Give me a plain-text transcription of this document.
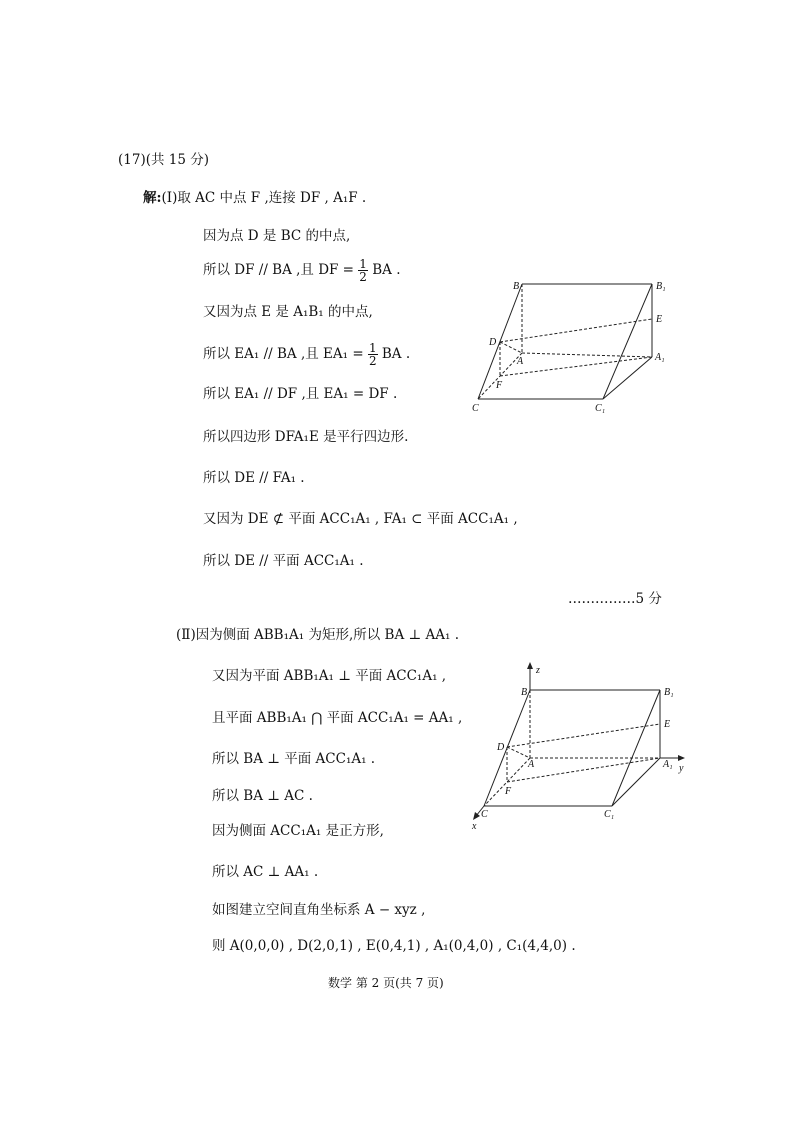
(17)(共 15 分)
解:(Ⅰ)取 AC 中点 F ,连接 DF , A₁F .
因为点 D 是 BC 的中点,
所以 DF // BA ,且 DF = $\frac{1}{2}$ BA .
又因为点 E 是 A₁B₁ 的中点,
所以 EA₁ // BA ,且 $EA_1 = \frac{1}{2}$ BA .
所以 EA₁ // DF ,且 EA₁ = DF .
所以四边形 DFA₁E 是平行四边形.
所以 DE // FA₁ .
又因为 DE ⊄ 平面 ACC₁A₁ , FA₁ ⊂ 平面 ACC₁A₁ ,
所以 DE // 平面 ACC₁A₁ .
……………5 分
B	B₁
E
D
A	A₁
F
C	C₁
(Ⅱ)因为侧面 ABB₁A₁ 为矩形,所以 BA ⊥ AA₁ .
又因为平面 ABB₁A₁ ⊥ 平面 ACC₁A₁ ,
且平面 ABB₁A₁ ⋂ 平面 ACC₁A₁ = AA₁ ,
所以 BA ⊥ 平面 ACC₁A₁ .
所以 BA ⊥ AC .
因为侧面 ACC₁A₁ 是正方形,
所以 AC ⊥ AA₁ .
如图建立空间直角坐标系 A − xyz ,
则 A(0,0,0) , D(2,0,1) , E(0,4,1) , A₁(0,4,0) , C₁(4,4,0) .
z
B	B₁
E
D
A	A₁ y
F
C	C₁
x
数学 第 2 页(共 7 页)
